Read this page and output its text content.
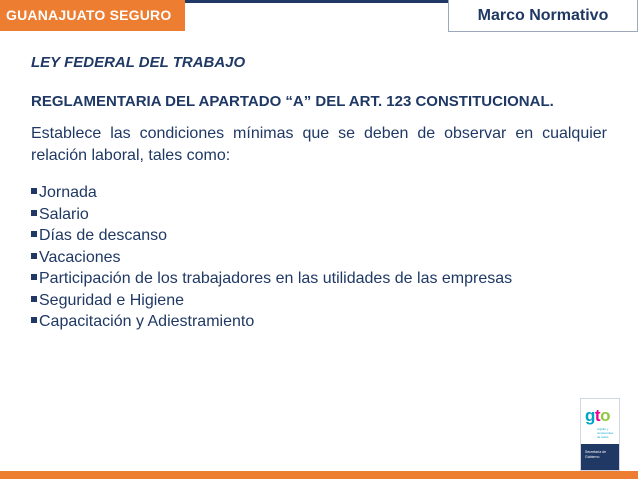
GUANAJUATO SEGURO	Marco Normativo

LEY FEDERAL DEL TRABAJO

REGLAMENTARIA DEL APARTADO “A” DEL ART. 123 CONSTITUCIONAL.

Establece las condiciones mínimas que se deben de observar en cualquier relación laboral, tales como:

Jornada
Salario
Días de descanso
Vacaciones
Participación de los trabajadores en las utilidades de las empresas
Seguridad e Higiene
Capacitación y Adiestramiento
gto
orgullo y compromiso de todos
Secretaría de Gobierno
